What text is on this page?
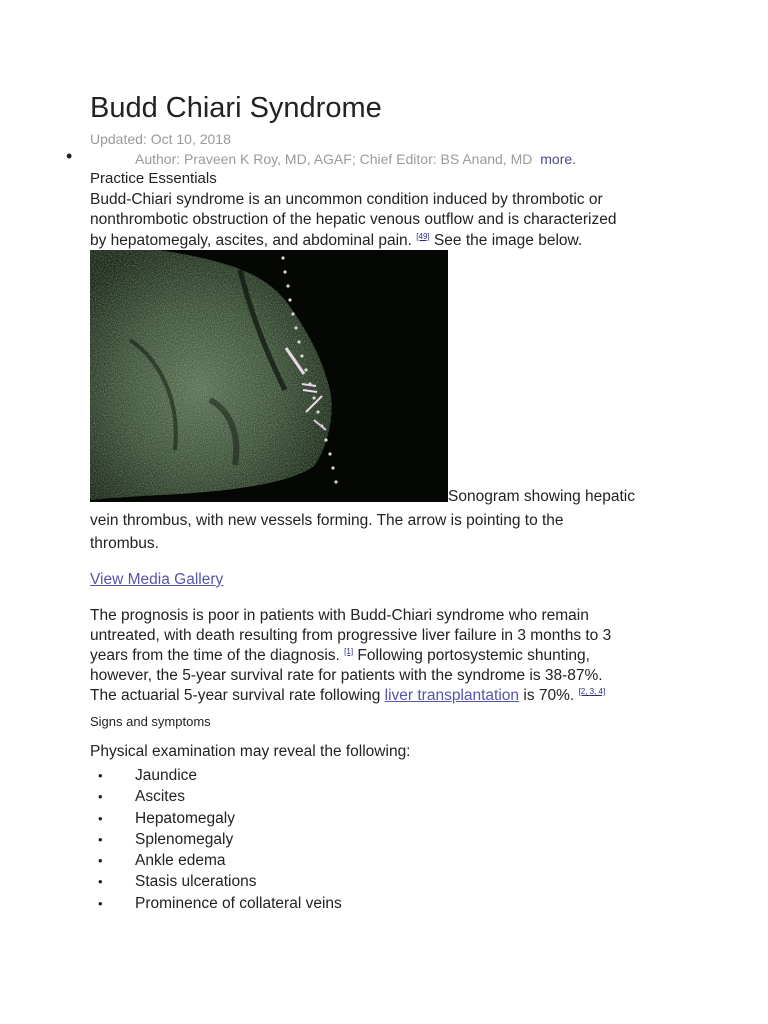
Budd Chiari Syndrome
Updated: Oct 10, 2018
•	Author: Praveen K Roy, MD, AGAF; Chief Editor: BS Anand, MD more.
Practice Essentials
Budd-Chiari syndrome is an uncommon condition induced by thrombotic or
nonthrombotic obstruction of the hepatic venous outflow and is characterized
by hepatomegaly, ascites, and abdominal pain. [49] See the image below.
Sonogram showing hepatic
vein thrombus, with new vessels forming. The arrow is pointing to the
thrombus.
View Media Gallery
The prognosis is poor in patients with Budd-Chiari syndrome who remain
untreated, with death resulting from progressive liver failure in 3 months to 3
years from the time of the diagnosis. [1] Following portosystemic shunting,
however, the 5-year survival rate for patients with the syndrome is 38-87%.
The actuarial 5-year survival rate following liver transplantation is 70%. [2, 3, 4]
Signs and symptoms
Physical examination may reveal the following:
• Jaundice
• Ascites
• Hepatomegaly
• Splenomegaly
• Ankle edema
• Stasis ulcerations
• Prominence of collateral veins
